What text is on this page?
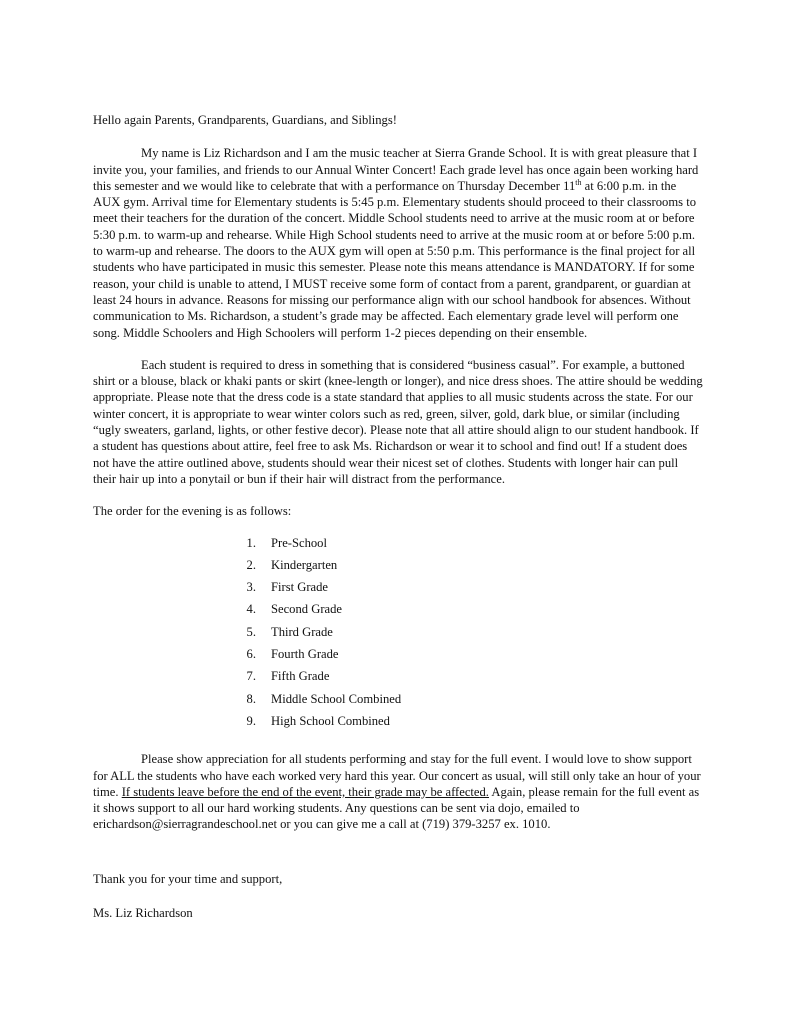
Hello again Parents, Grandparents, Guardians, and Siblings!

My name is Liz Richardson and I am the music teacher at Sierra Grande School. It is with great pleasure that I invite you, your families, and friends to our Annual Winter Concert! Each grade level has once again been working hard this semester and we would like to celebrate that with a performance on Thursday December 11th at 6:00 p.m. in the AUX gym. Arrival time for Elementary students is 5:45 p.m. Elementary students should proceed to their classrooms to meet their teachers for the duration of the concert. Middle School students need to arrive at the music room at or before 5:30 p.m. to warm-up and rehearse. While High School students need to arrive at the music room at or before 5:00 p.m. to warm-up and rehearse. The doors to the AUX gym will open at 5:50 p.m. This performance is the final project for all students who have participated in music this semester. Please note this means attendance is MANDATORY. If for some reason, your child is unable to attend, I MUST receive some form of contact from a parent, grandparent, or guardian at least 24 hours in advance. Reasons for missing our performance align with our school handbook for absences. Without communication to Ms. Richardson, a student’s grade may be affected. Each elementary grade level will perform one song. Middle Schoolers and High Schoolers will perform 1-2 pieces depending on their ensemble.

Each student is required to dress in something that is considered “business casual”. For example, a buttoned shirt or a blouse, black or khaki pants or skirt (knee-length or longer), and nice dress shoes. The attire should be wedding appropriate. Please note that the dress code is a state standard that applies to all music students across the state. For our winter concert, it is appropriate to wear winter colors such as red, green, silver, gold, dark blue, or similar (including “ugly sweaters, garland, lights, or other festive decor). Please note that all attire should align to our student handbook. If a student has questions about attire, feel free to ask Ms. Richardson or wear it to school and find out! If a student does not have the attire outlined above, students should wear their nicest set of clothes. Students with longer hair can pull their hair up into a ponytail or bun if their hair will distract from the performance.

The order for the evening is as follows:

1. Pre-School
2. Kindergarten
3. First Grade
4. Second Grade
5. Third Grade
6. Fourth Grade
7. Fifth Grade
8. Middle School Combined
9. High School Combined

Please show appreciation for all students performing and stay for the full event. I would love to show support for ALL the students who have each worked very hard this year. Our concert as usual, will still only take an hour of your time. If students leave before the end of the event, their grade may be affected. Again, please remain for the full event as it shows support to all our hard working students. Any questions can be sent via dojo, emailed to erichardson@sierragrandeschool.net or you can give me a call at (719) 379-3257 ex. 1010.

Thank you for your time and support,

Ms. Liz Richardson
